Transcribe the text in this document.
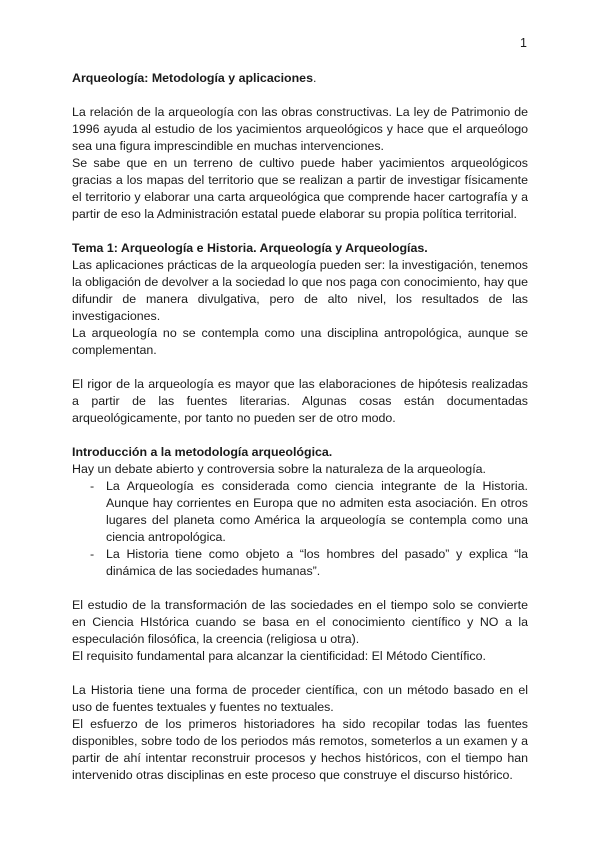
1

Arqueología: Metodología y aplicaciones.

La relación de la arqueología con las obras constructivas. La ley de Patrimonio de 1996 ayuda al estudio de los yacimientos arqueológicos y hace que el arqueólogo sea una figura imprescindible en muchas intervenciones.

Se sabe que en un terreno de cultivo puede haber yacimientos arqueológicos gracias a los mapas del territorio que se realizan a partir de investigar físicamente el territorio y elaborar una carta arqueológica que comprende hacer cartografía y a partir de eso la Administración estatal puede elaborar su propia política territorial.

Tema 1: Arqueología e Historia. Arqueología y Arqueologías.

Las aplicaciones prácticas de la arqueología pueden ser: la investigación, tenemos la obligación de devolver a la sociedad lo que nos paga con conocimiento, hay que difundir de manera divulgativa, pero de alto nivel, los resultados de las investigaciones.

La arqueología no se contempla como una disciplina antropológica, aunque se complementan.

El rigor de la arqueología es mayor que las elaboraciones de hipótesis realizadas a partir de las fuentes literarias. Algunas cosas están documentadas arqueológicamente, por tanto no pueden ser de otro modo.

Introducción a la metodología arqueológica.

Hay un debate abierto y controversia sobre la naturaleza de la arqueología.

- La Arqueología es considerada como ciencia integrante de la Historia. Aunque hay corrientes en Europa que no admiten esta asociación. En otros lugares del planeta como América la arqueología se contempla como una ciencia antropológica.
- La Historia tiene como objeto a “los hombres del pasado” y explica “la dinámica de las sociedades humanas”.

El estudio de la transformación de las sociedades en el tiempo solo se convierte en Ciencia HIstórica cuando se basa en el conocimiento científico y NO a la especulación filosófica, la creencia (religiosa u otra).

El requisito fundamental para alcanzar la cientificidad: El Método Científico.

La Historia tiene una forma de proceder científica, con un método basado en el uso de fuentes textuales y fuentes no textuales.

El esfuerzo de los primeros historiadores ha sido recopilar todas las fuentes disponibles, sobre todo de los periodos más remotos, someterlos a un examen y a partir de ahí intentar reconstruir procesos y hechos históricos, con el tiempo han intervenido otras disciplinas en este proceso que construye el discurso histórico.
